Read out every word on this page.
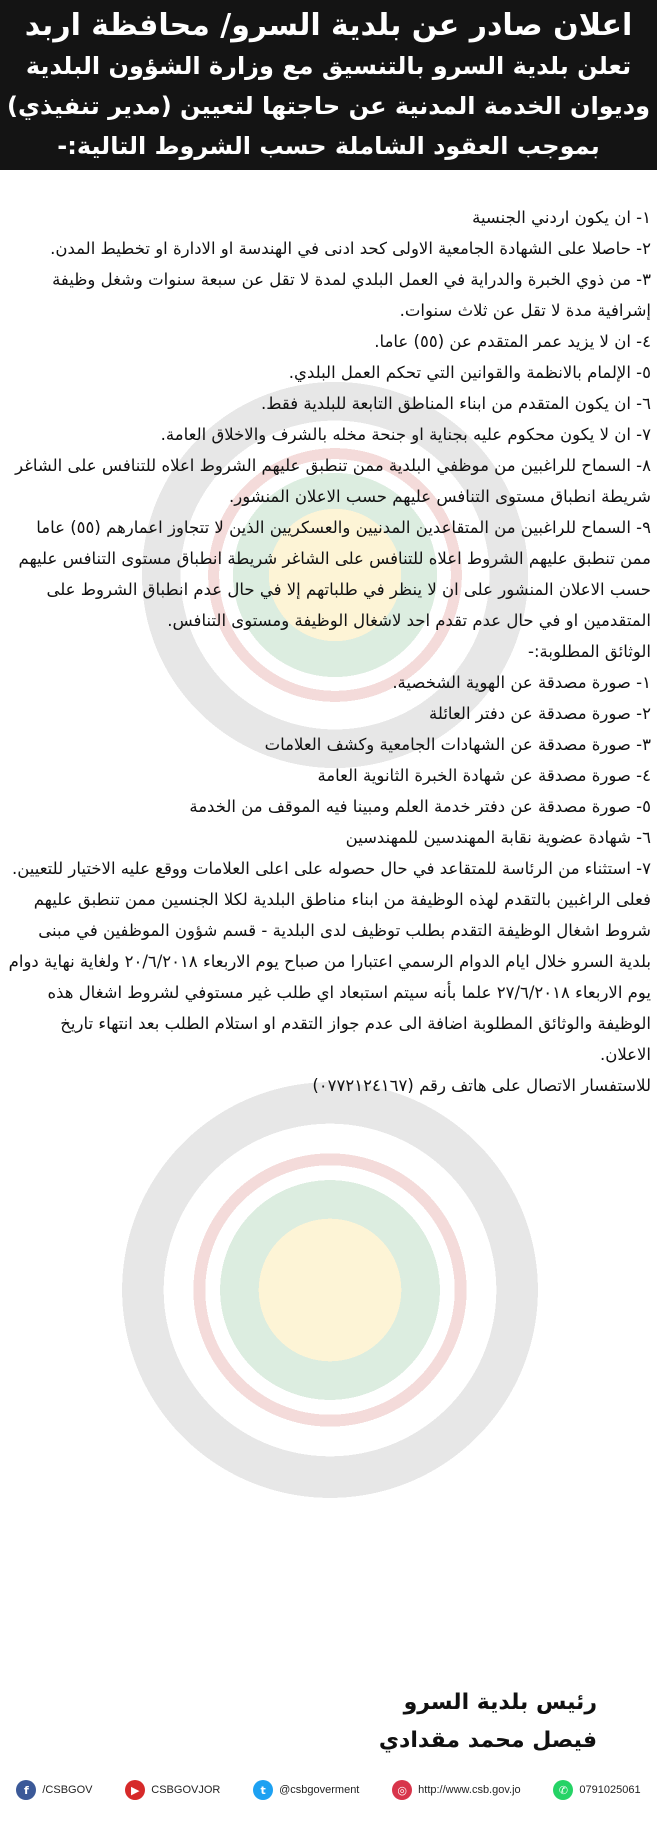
اعلان صادر عن بلدية السرو/ محافظة اربد
تعلن بلدية السرو بالتنسيق مع وزارة الشؤون البلدية
وديوان الخدمة المدنية عن حاجتها لتعيين (مدير تنفيذي)
بموجب العقود الشاملة حسب الشروط التالية:-

١- ان يكون اردني الجنسية

٢- حاصلا على الشهادة الجامعية الاولى كحد ادنى في الهندسة او الادارة او تخطيط المدن.

٣- من ذوي الخبرة والدراية في العمل البلدي لمدة لا تقل عن سبعة سنوات وشغل وظيفة إشرافية مدة لا تقل عن ثلاث سنوات.

٤- ان لا يزيد عمر المتقدم عن (٥٥) عاما.

٥- الإلمام بالانظمة والقوانين التي تحكم العمل البلدي.

٦- ان يكون المتقدم من ابناء المناطق التابعة للبلدية فقط.

٧- ان لا يكون محكوم عليه بجناية او جنحة مخله بالشرف والاخلاق العامة.

٨- السماح للراغبين من موظفي البلدية ممن تنطبق عليهم الشروط اعلاه للتنافس على الشاغر شريطة انطباق مستوى التنافس عليهم حسب الاعلان المنشور.

٩- السماح للراغبين من المتقاعدين المدنيين والعسكريين الذين لا تتجاوز اعمارهم (٥٥) عاما ممن تنطبق عليهم الشروط اعلاه للتنافس على الشاغر شريطة انطباق مستوى التنافس عليهم حسب الاعلان المنشور على ان لا ينظر في طلباتهم إلا في حال عدم انطباق الشروط على المتقدمين او في حال عدم تقدم احد لاشغال الوظيفة ومستوى التنافس.

الوثائق المطلوبة:-

١- صورة مصدقة عن الهوية الشخصية.

٢- صورة مصدقة عن دفتر العائلة

٣- صورة مصدقة عن الشهادات الجامعية وكشف العلامات

٤- صورة مصدقة عن شهادة الخبرة الثانوية العامة

٥- صورة مصدقة عن دفتر خدمة العلم ومبينا فيه الموقف من الخدمة

٦- شهادة عضوية نقابة المهندسين للمهندسين

٧- استثناء من الرئاسة للمتقاعد في حال حصوله على اعلى العلامات ووقع عليه الاختيار للتعيين.

فعلى الراغبين بالتقدم لهذه الوظيفة من ابناء مناطق البلدية لكلا الجنسين ممن تنطبق عليهم شروط اشغال الوظيفة التقدم بطلب توظيف لدى البلدية - قسم شؤون الموظفين في مبنى بلدية السرو خلال ايام الدوام الرسمي اعتبارا من صباح يوم الاربعاء ٢٠/٦/٢٠١٨ ولغاية نهاية دوام يوم الاربعاء ٢٧/٦/٢٠١٨ علما بأنه سيتم استبعاد اي طلب غير مستوفي لشروط اشغال هذه الوظيفة والوثائق المطلوبة اضافة الى عدم جواز التقدم او استلام الطلب بعد انتهاء تاريخ الاعلان.

للاستفسار الاتصال على هاتف رقم (٠٧٧٢١٢٤١٦٧)

رئيس بلدية السرو
فيصل محمد مقدادي
f	/CSBGOV	▶	CSBGOVJOR	t	@csbgoverment	◎	http://www.csb.gov.jo	✆	0791025061
